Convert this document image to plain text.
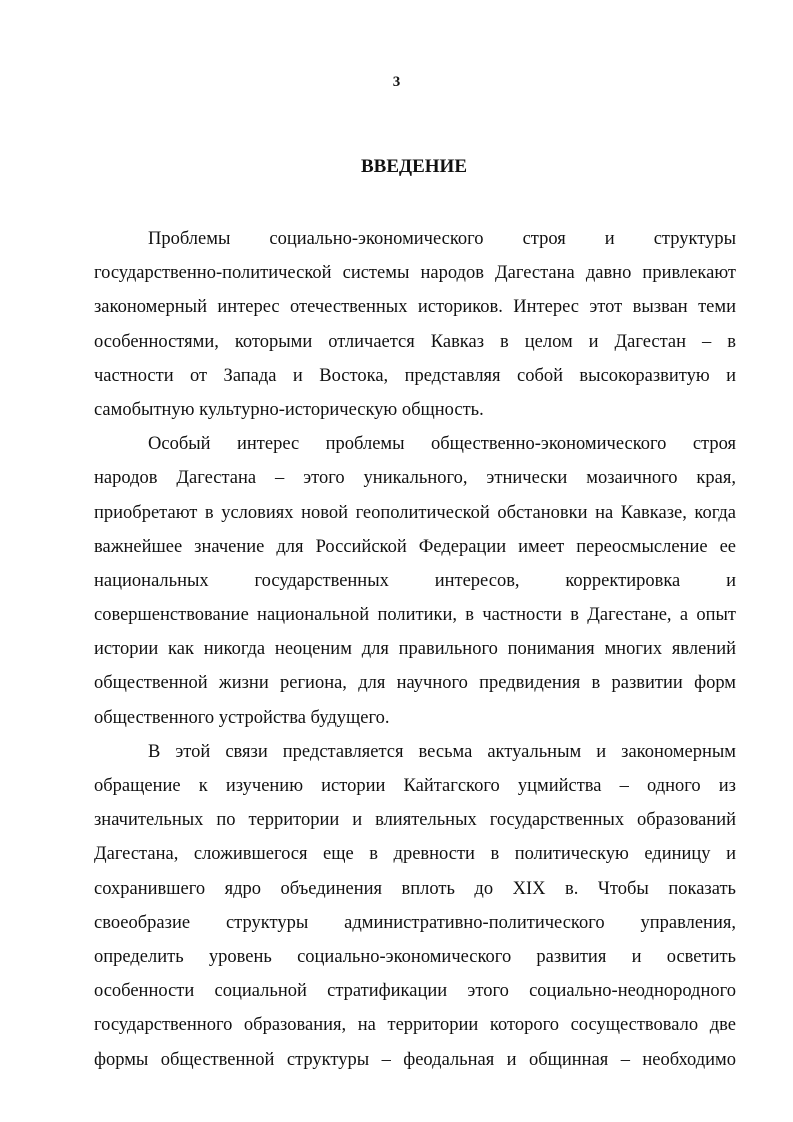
3

ВВЕДЕНИЕ
Проблемы социально-экономического строя и структуры
государственно-политической системы народов Дагестана давно привлекают
закономерный интерес отечественных историков. Интерес этот вызван теми
особенностями, которыми отличается Кавказ в целом и Дагестан – в
частности от Запада и Востока, представляя собой высокоразвитую и
самобытную культурно-историческую общность.
Особый интерес проблемы общественно-экономического строя
народов Дагестана – этого уникального, этнически мозаичного края,
приобретают в условиях новой геополитической обстановки на Кавказе, когда
важнейшее значение для Российской Федерации имеет переосмысление ее
национальных государственных интересов, корректировка и
совершенствование национальной политики, в частности в Дагестане, а опыт
истории как никогда неоценим для правильного понимания многих явлений
общественной жизни региона, для научного предвидения в развитии форм
общественного устройства будущего.
В этой связи представляется весьма актуальным и закономерным
обращение к изучению истории Кайтагского уцмийства – одного из
значительных по территории и влиятельных государственных образований
Дагестана, сложившегося еще в древности в политическую единицу и
сохранившего ядро объединения вплоть до XIX в. Чтобы показать
своеобразие структуры административно-политического управления,
определить уровень социально-экономического развития и осветить
особенности социальной стратификации этого социально-неоднородного
государственного образования, на территории которого сосуществовало две
формы общественной структуры – феодальная и общинная – необходимо
